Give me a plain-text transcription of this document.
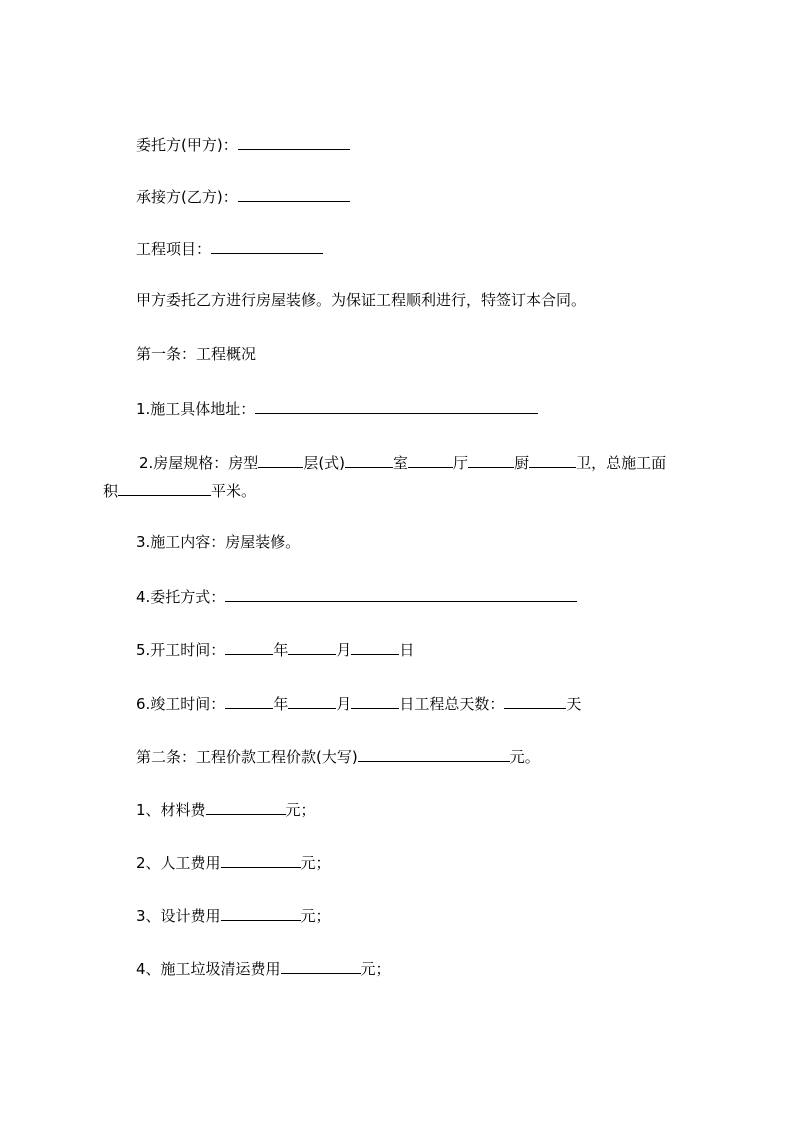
委托方(甲方)：
承接方(乙方)：
工程项目：
甲方委托乙方进行房屋装修。为保证工程顺利进行，特签订本合同。
第一条：工程概况
1.施工具体地址：
2.房屋规格：房型	层(式)	室	厅	厨	卫，总施工面
积	平米。
3.施工内容：房屋装修。
4.委托方式：
5.开工时间：	年	月	日
6.竣工时间：	年	月	日工程总天数：	天
第二条：工程价款工程价款(大写)	元。
1、材料费	元；
2、人工费用	元；
3、设计费用	元；
4、施工垃圾清运费用	元；
